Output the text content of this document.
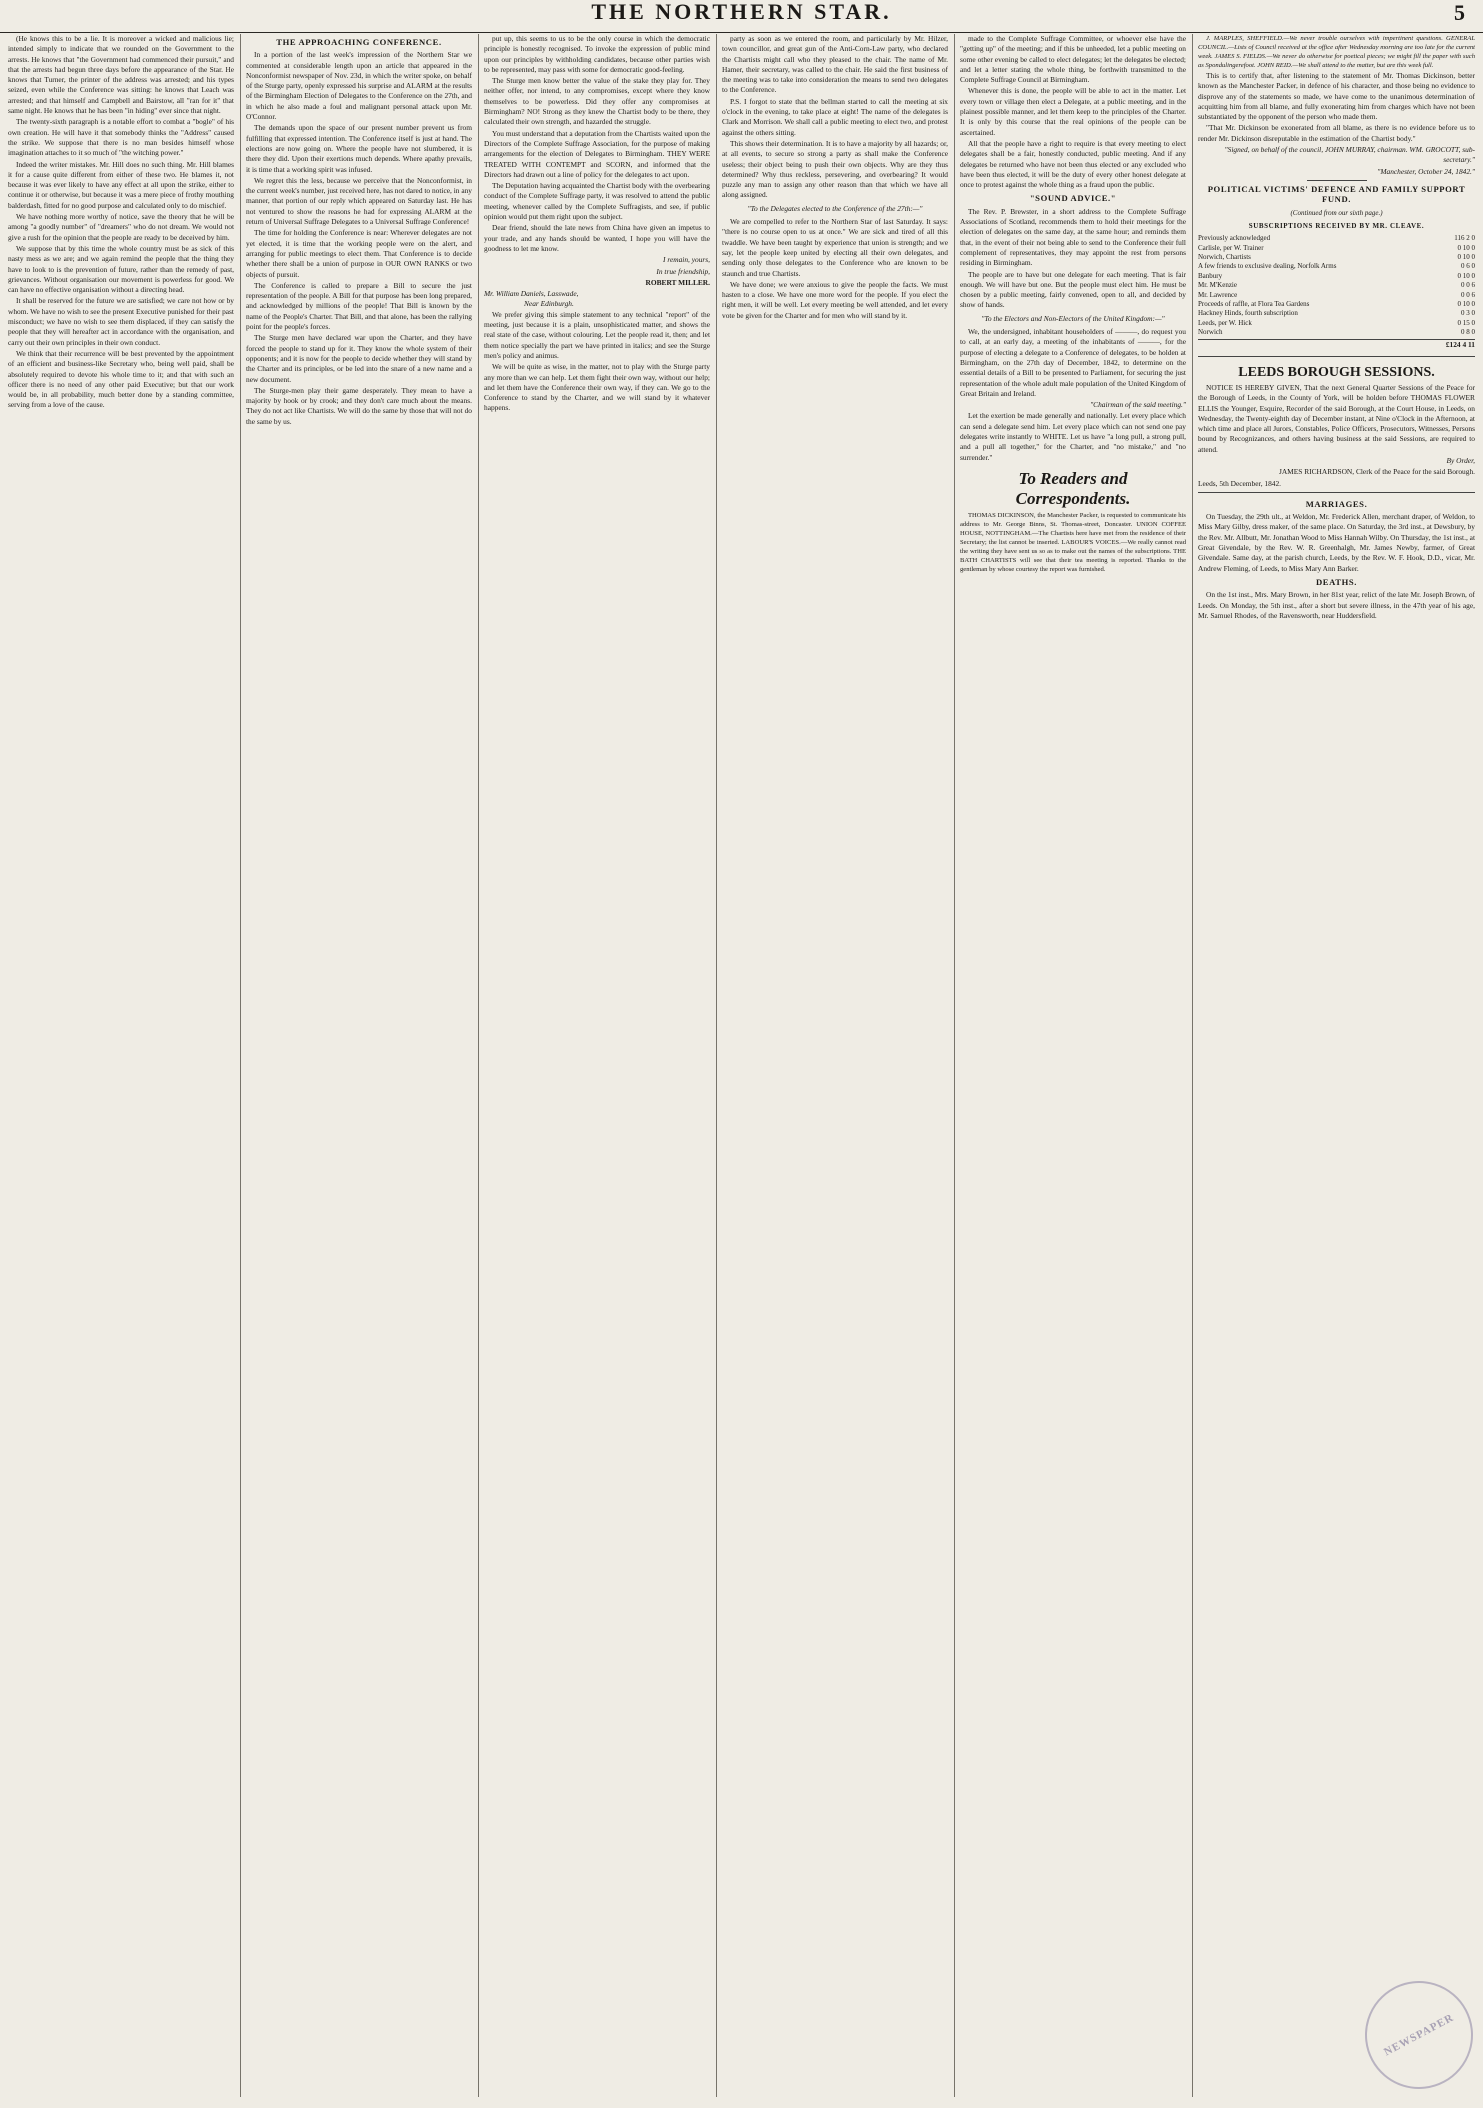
THE NORTHERN STAR.	5

(He knows this to be a lie. It is moreover a wicked and malicious lie; intended simply to indicate that we rounded on the Government to the arrests. He knows that "the Government had commenced their pursuit," and that the arrests had begun three days before the appearance of the Star. He knows that Turner, the printer of the address was arrested; and his types seized, even while the Conference was sitting: he knows that Leach was arrested; and that himself and Campbell and Bairstow, all "ran for it" that same night. He knows that he has been "in hiding" ever since that night.

The twenty-sixth paragraph is a notable effort to combat a "bogle" of his own creation. He will have it that somebody thinks the "Address" caused the strike. We suppose that there is no man besides himself whose imagination attaches to it so much of "the witching power."

Indeed the writer mistakes. Mr. Hill does no such thing. Mr. Hill blames it for a cause quite different from either of these two. He blames it, not because it was ever likely to have any effect at all upon the strike, either to continue it or otherwise, but because it was a mere piece of frothy mouthing balderdash, fitted for no good purpose and calculated only to do mischief.

We have nothing more worthy of notice, save the theory that he will be among "a goodly number" of "dreamers" who do not dream. We would not give a rush for the opinion that the people are ready to be deceived by him.

We suppose that by this time the whole country must be as sick of this nasty mess as we are; and we again remind the people that the thing they have to look to is the prevention of future, rather than the remedy of past, grievances. Without organisation our movement is powerless for good. We can have no effective organisation without a directing head.

It shall be reserved for the future we are satisfied; we care not how or by whom. We have no wish to see the present Executive punished for their past misconduct; we have no wish to see them displaced, if they can satisfy the people that they will hereafter act in accordance with the organisation, and carry out their own principles in their own conduct.

We think that their recurrence will be best prevented by the appointment of an efficient and business-like Secretary who, being well paid, shall be absolutely required to devote his whole time to it; and that with such an officer there is no need of any other paid Executive; but that our work would be, in all probability, much better done by a standing committee, serving from a love of the cause.

THE APPROACHING CONFERENCE.

In a portion of the last week's impression of the Northern Star we commented at considerable length upon an article that appeared in the Nonconformist newspaper of Nov. 23d, in which the writer spoke, on behalf of the Sturge party, openly expressed his surprise and ALARM at the results of the Birmingham Election of Delegates to the Conference on the 27th, and in which he also made a foul and malignant personal attack upon Mr. O'Connor.

The demands upon the space of our present number prevent us from fulfilling that expressed intention. The Conference itself is just at hand. The elections are now going on. Where the people have not slumbered, it is there they did. Upon their exertions much depends. Where apathy prevails, it is time that a working spirit was infused.

We regret this the less, because we perceive that the Nonconformist, in the current week's number, just received here, has not dared to notice, in any manner, that portion of our reply which appeared on Saturday last. He has not ventured to show the reasons he had for expressing ALARM at the return of Universal Suffrage Delegates to a Universal Suffrage Conference!

The time for holding the Conference is near: Wherever delegates are not yet elected, it is time that the working people were on the alert, and arranging for public meetings to elect them. That Conference is to decide whether there shall be a union of purpose in OUR OWN RANKS or two objects of pursuit.

The Conference is called to prepare a Bill to secure the just representation of the people. A Bill for that purpose has been long prepared, and acknowledged by millions of the people! That Bill is known by the name of the People's Charter. That Bill, and that alone, has been the rallying point for the people's forces.

The Sturge men have declared war upon the Charter, and they have forced the people to stand up for it. They know the whole system of their opponents; and it is now for the people to decide whether they will stand by the Charter and its principles, or be led into the snare of a new name and a new document.

The Sturge-men play their game desperately. They mean to have a majority by hook or by crook; and they don't care much about the means. They do not act like Chartists. We will do the same by those that will not do the same by us.

put up, this seems to us to be the only course in which the democratic principle is honestly recognised. To invoke the expression of public mind upon our principles by withholding candidates, because other parties wish to be represented, may pass with some for democratic good-feeling.

The Sturge men know better the value of the stake they play for. They neither offer, nor intend, to any compromises, except where they know themselves to be powerless. Did they offer any compromises at Birmingham? NO! Strong as they knew the Chartist body to be there, they calculated their own strength, and hazarded the struggle.

You must understand that a deputation from the Chartists waited upon the Directors of the Complete Suffrage Association, for the purpose of making arrangements for the election of Delegates to Birmingham. THEY WERE TREATED WITH CONTEMPT and SCORN, and informed that the Directors had drawn out a line of policy for the delegates to act upon.

The Deputation having acquainted the Chartist body with the overbearing conduct of the Complete Suffrage party, it was resolved to attend the public meeting, whenever called by the Complete Suffragists, and see, if public opinion would put them right upon the subject.

Dear friend, should the late news from China have given an impetus to your trade, and any hands should be wanted, I hope you will have the goodness to let me know.

I remain, yours,
In true friendship,
ROBERT MILLER.
Mr. William Daniels, Lasswade,
Near Edinburgh.

We prefer giving this simple statement to any technical "report" of the meeting, just because it is a plain, unsophisticated matter, and shows the real state of the case, without colouring. Let the people read it, then; and let them notice specially the part we have printed in italics; and see the Sturge men's policy and animus.

We will be quite as wise, in the matter, not to play with the Sturge party any more than we can help. Let them fight their own way, without our help; and let them have the Conference their own way, if they can. We go to the Conference to stand by the Charter, and we will stand by it whatever happens.

party as soon as we entered the room, and particularly by Mr. Hilzer, town councillor, and great gun of the Anti-Corn-Law party, who declared the Chartists might call who they pleased to the chair. The name of Mr. Hamer, their secretary, was called to the chair. He said the first business of the meeting was to take into consideration the means to send two delegates to the Conference.

P.S. I forgot to state that the bellman started to call the meeting at six o'clock in the evening, to take place at eight! The name of the delegates is Clark and Morrison. We shall call a public meeting to elect two, and protest against the others sitting.

This shows their determination. It is to have a majority by all hazards; or, at all events, to secure so strong a party as shall make the Conference useless; their object being to push their own objects. Why are they thus determined? Why thus reckless, persevering, and overbearing? It would puzzle any man to assign any other reason than that which we have all along assigned.

"To the Delegates elected to the Conference of the 27th:—"

We are compelled to refer to the Northern Star of last Saturday. It says: "there is no course open to us at once." We are sick and tired of all this twaddle. We have been taught by experience that union is strength; and we say, let the people keep united by electing all their own delegates, and sending only those delegates to the Conference who are known to be staunch and true Chartists.

We have done; we were anxious to give the people the facts. We must hasten to a close. We have one more word for the people. If you elect the right men, it will be well. Let every meeting be well attended, and let every vote be given for the Charter and for men who will stand by it.

made to the Complete Suffrage Committee, or whoever else have the "getting up" of the meeting; and if this be unheeded, let a public meeting on some other evening be called to elect delegates; let the delegates be elected; and let a letter stating the whole thing, be forthwith transmitted to the Complete Suffrage Council at Birmingham.

Whenever this is done, the people will be able to act in the matter. Let every town or village then elect a Delegate, at a public meeting, and in the plainest possible manner, and let them keep to the principles of the Charter. It is only by this course that the real opinions of the people can be ascertained.

All that the people have a right to require is that every meeting to elect delegates shall be a fair, honestly conducted, public meeting. And if any delegates be returned who have not been thus elected or any excluded who have been thus elected, it will be the duty of every other honest delegate at once to protest against the whole thing as a fraud upon the public.

"SOUND ADVICE."

The Rev. P. Brewster, in a short address to the Complete Suffrage Associations of Scotland, recommends them to hold their meetings for the election of delegates on the same day, at the same hour; and reminds them that, in the event of their not being able to send to the Conference their full complement of representatives, they may appoint the rest from persons residing in Birmingham.

The people are to have but one delegate for each meeting. That is fair enough. We will have but one. But the people must elect him. He must be chosen by a public meeting, fairly convened, open to all, and decided by show of hands.

"To the Electors and Non-Electors of the United Kingdom:—"

We, the undersigned, inhabitant householders of ———, do request you to call, at an early day, a meeting of the inhabitants of ———, for the purpose of electing a delegate to a Conference of delegates, to be holden at Birmingham, on the 27th day of December, 1842, to determine on the essential details of a Bill to be presented to Parliament, for securing the just representation of the whole adult male population of the United Kingdom of Great Britain and Ireland.

"Chairman of the said meeting."

Let the exertion be made generally and nationally. Let every place which can send a delegate send him. Let every place which can not send one pay delegates write instantly to WHITE. Let us have "a long pull, a strong pull, and a pull all together," for the Charter, and "no mistake," and "no surrender."

To Readers and Correspondents.

THOMAS DICKINSON, the Manchester Packer, is requested to communicate his address to Mr. George Binns, St. Thomas-street, Doncaster. UNION COFFEE HOUSE, NOTTINGHAM.—The Chartists here have met from the residence of their Secretary; the list cannot be inserted. LABOUR'S VOICES.—We really cannot read the writing they have sent us so as to make out the names of the subscriptions. THE BATH CHARTISTS will see that their tea meeting is reported. Thanks to the gentleman by whose courtesy the report was furnished.

J. MARPLES, SHEFFIELD.—We never trouble ourselves with impertinent questions. GENERAL COUNCIL.—Lists of Council received at the office after Wednesday morning are too late for the current week. JAMES S. FIELDS.—We never do otherwise for poetical pieces; we might fill the paper with such as Spondulingerefoot. JOHN REID.—We shall attend to the matter, but are this week full.

This is to certify that, after listening to the statement of Mr. Thomas Dickinson, better known as the Manchester Packer, in defence of his character, and those being no evidence to disprove any of the statements so made, we have come to the unanimous determination of acquitting him from all blame, and fully exonerating him from charges which have not been substantiated by the opponent of the person who made them.

"That Mr. Dickinson be exonerated from all blame, as there is no evidence before us to render Mr. Dickinson disreputable in the estimation of the Chartist body."

"Signed, on behalf of the council, JOHN MURRAY, chairman. WM. GROCOTT, sub-secretary."
"Manchester, October 24, 1842."
POLITICAL VICTIMS' DEFENCE AND FAMILY SUPPORT FUND.
(Continued from our sixth page.)
SUBSCRIPTIONS RECEIVED BY MR. CLEAVE.
Previously acknowledged	116 2 0
Carlisle, per W. Trainer	0 10 0
Norwich, Chartists	0 10 0
A few friends to exclusive dealing, Norfolk Arms	0 6 0
Banbury	0 10 0
Mr. M'Kenzie	0 0 6
Mr. Lawrence	0 0 6
Proceeds of raffle, at Flora Tea Gardens	0 10 0
Hackney Hinds, fourth subscription	0 3 0
Leeds, per W. Hick	0 15 0
Norwich	0 8 0
£124 4 11
LEEDS BOROUGH SESSIONS.

NOTICE IS HEREBY GIVEN, That the next General Quarter Sessions of the Peace for the Borough of Leeds, in the County of York, will be holden before THOMAS FLOWER ELLIS the Younger, Esquire, Recorder of the said Borough, at the Court House, in Leeds, on Wednesday, the Twenty-eighth day of December instant, at Nine o'Clock in the Afternoon, at which time and place all Jurors, Constables, Police Officers, Prosecutors, Witnesses, Persons bound by Recognizances, and others having business at the said Sessions, are required to attend.

By Order,
JAMES RICHARDSON, Clerk of the Peace for the said Borough.
Leeds, 5th December, 1842.
MARRIAGES.

On Tuesday, the 29th ult., at Weldon, Mr. Frederick Allen, merchant draper, of Weldon, to Miss Mary Gilby, dress maker, of the same place. On Saturday, the 3rd inst., at Dewsbury, by the Rev. Mr. Allbutt, Mr. Jonathan Wood to Miss Hannah Wilby. On Thursday, the 1st inst., at Great Givendale, by the Rev. W. R. Greenhalgh, Mr. James Newby, farmer, of Great Givendale. Same day, at the parish church, Leeds, by the Rev. W. F. Hook, D.D., vicar, Mr. Andrew Fleming, of Leeds, to Miss Mary Ann Barker.

DEATHS.

On the 1st inst., Mrs. Mary Brown, in her 81st year, relict of the late Mr. Joseph Brown, of Leeds. On Monday, the 5th inst., after a short but severe illness, in the 47th year of his age, Mr. Samuel Rhodes, of the Ravensworth, near Huddersfield.

NEWSPAPER
